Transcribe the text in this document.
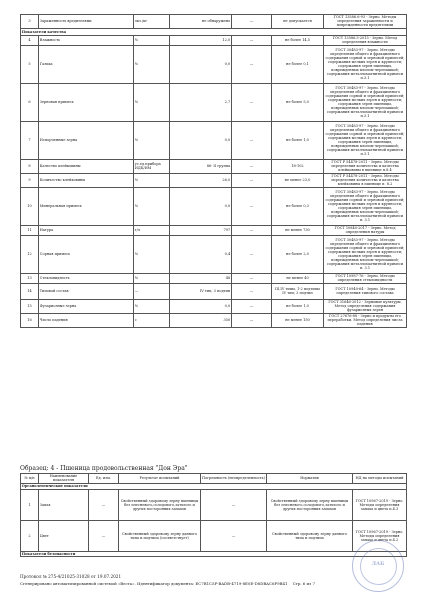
3	Зараженность вредителями	экз./кг	не обнаружено	—	не допускается	ГОСТ 13586.6-93 - Зерно. Методы определения зараженности и поврежденности вредителями
Показатели качества						
4	Влажность	%	12,0	—	не более 14,5	ГОСТ 13586.5-2015 - Зерно. Метод определения влажности
5	Галька	%	0,0	—	не более 0,1	ГОСТ 30483-97 - Зерно. Методы определения общего и фракционного содержания сорной и зерновой примесей; содержания мелких зерен и крупности; содержания зерен пшеницы, поврежденных клопом-черепашкой; содержания металломагнитной примеси п.3.1
6	Зерновая примесь	%	2,7	—	не более 5,0	ГОСТ 30483-97 - Зерно. Методы определения общего и фракционного содержания сорной и зерновой примесей; содержания мелких зерен и крупности; содержания зерен пшеницы, поврежденных клопом-черепашкой; содержания металломагнитной примеси п.3.1
7	Испорченные зерна	%	0,0	—	не более 1,0	ГОСТ 30483-97 - Зерно. Методы определения общего и фракционного содержания сорной и зерновой примесей; содержания мелких зерен и крупности; содержания зерен пшеницы, поврежденных клопом-черепашкой; содержания металломагнитной примеси п.3.1
8	Качество клейковины	ус.ед.прибора ИДК/ИМ	86- II группа	—	18-102	ГОСТ Р 54478-2011 - Зерно. Методы определения количества и качества клейковины в пшенице п.8.4
9	Количество клейковины	%	26,0	—	не менее 23,0	ГОСТ Р 54478-2011 - Зерно. Методы определения количества и качества клейковины в пшенице п. 8.2
10	Минеральная примесь	%	0,0	—	не более 0,3	ГОСТ 30483-97 - Зерно. Методы определения общего и фракционного содержания сорной и зерновой примесей; содержания мелких зерен и крупности; содержания зерен пшеницы, поврежденных клопом-черепашкой; содержания металломагнитной примеси п. 3.1
11	Натура	г/л	797	—	не менее 730	ГОСТ 10840-2017 - Зерно. Метод определения натуры
12	Сорная примесь	%	0,4	—	не более 2,0	ГОСТ 30483-97 - Зерно. Методы определения общего и фракционного содержания сорной и зерновой примесей; содержания мелких зерен и крупности; содержания зерен пшеницы, поврежденных клопом-черепашкой; содержания металломагнитной примеси п. 3.1
13	Стекловидность	%	48	—	не менее 40	ГОСТ 10987-76 - Зерно. Методы определения стекловидности
14	Типовой состав	—	IV тип, 3 подтип	—	III,IV типы, 1-2 подтипы IV тип; 3 подтип	ГОСТ 10940-64 - Зерно. Методы определения типового состава
15	Фузариозные зерна	%	0,0	—	не более 1,0	ГОСТ 31646-2012 - Зерновые культуры. Метод определения содержания фузариозных зерен
16	Число падения	с	350	—	не менее 150	ГОСТ 27676-88 - Зерно и продукты его переработки. Метод определения числа падения
Образец: 4 - Пшеница продовольственная "Дон Эра"
№ п/п	Наименование показателя	Ед. изм.	Результат испытаний	Погрешность (неопределенность)	Норматив	НД на методы испытаний
Органолептические показатели						
1	Запах	—	Свойственный здоровому зерну пшеницы без плесневого,солодового,затхлого и других посторонних запахов	—	Свойственный здоровому зерну пшеницы без плесневого,солодового,затхлого и других посторонних запахов	ГОСТ 10967-2019 - Зерно. Методы определения запаха и цвета п.4.3
2	Цвет	—	Свойственный здоровому зерну данного типа и подтипа (соответствует)	—	Свойственный здоровому зерну данного типа и подтипа	ГОСТ 10967-2019 - Зерно. Методы определения запаха и цвета п.4.2
Показатели безопасности						
Протокол № 275-4/21025-31028 от 19.07.2021
Сгенерировано автоматизированной системой «Веста». Идентификатор документа: EC7B1C5F-BADB-4719-8E0E-D8DBAC6F9B41 Стр. 6 из 7
ЛАБ
